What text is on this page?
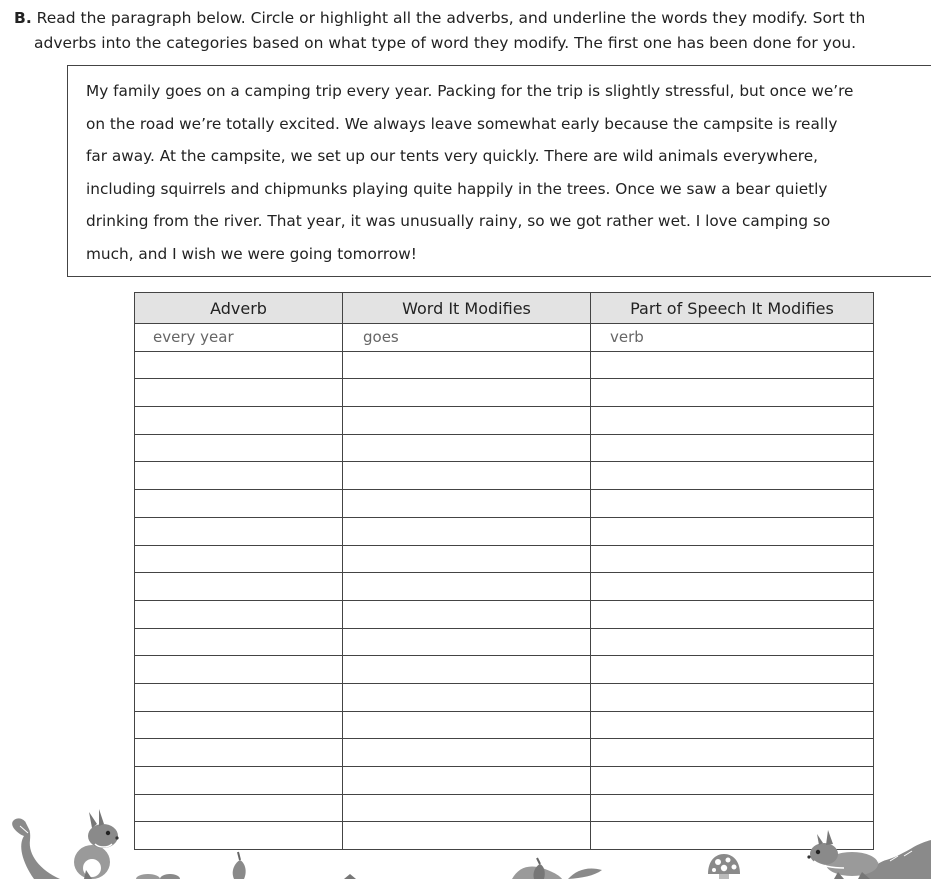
B. Read the paragraph below. Circle or highlight all the adverbs, and underline the words they modify. Sort th
adverbs into the categories based on what type of word they modify. The first one has been done for you.
My family goes on a camping trip every year. Packing for the trip is slightly stressful, but once we’re
on the road we’re totally excited. We always leave somewhat early because the campsite is really
far away. At the campsite, we set up our tents very quickly. There are wild animals everywhere,
including squirrels and chipmunks playing quite happily in the trees. Once we saw a bear quietly
drinking from the river. That year, it was unusually rainy, so we got rather wet. I love camping so
much, and I wish we were going tomorrow!
Adverb	Word It Modifies	Part of Speech It Modifies
every year	goes	verb
